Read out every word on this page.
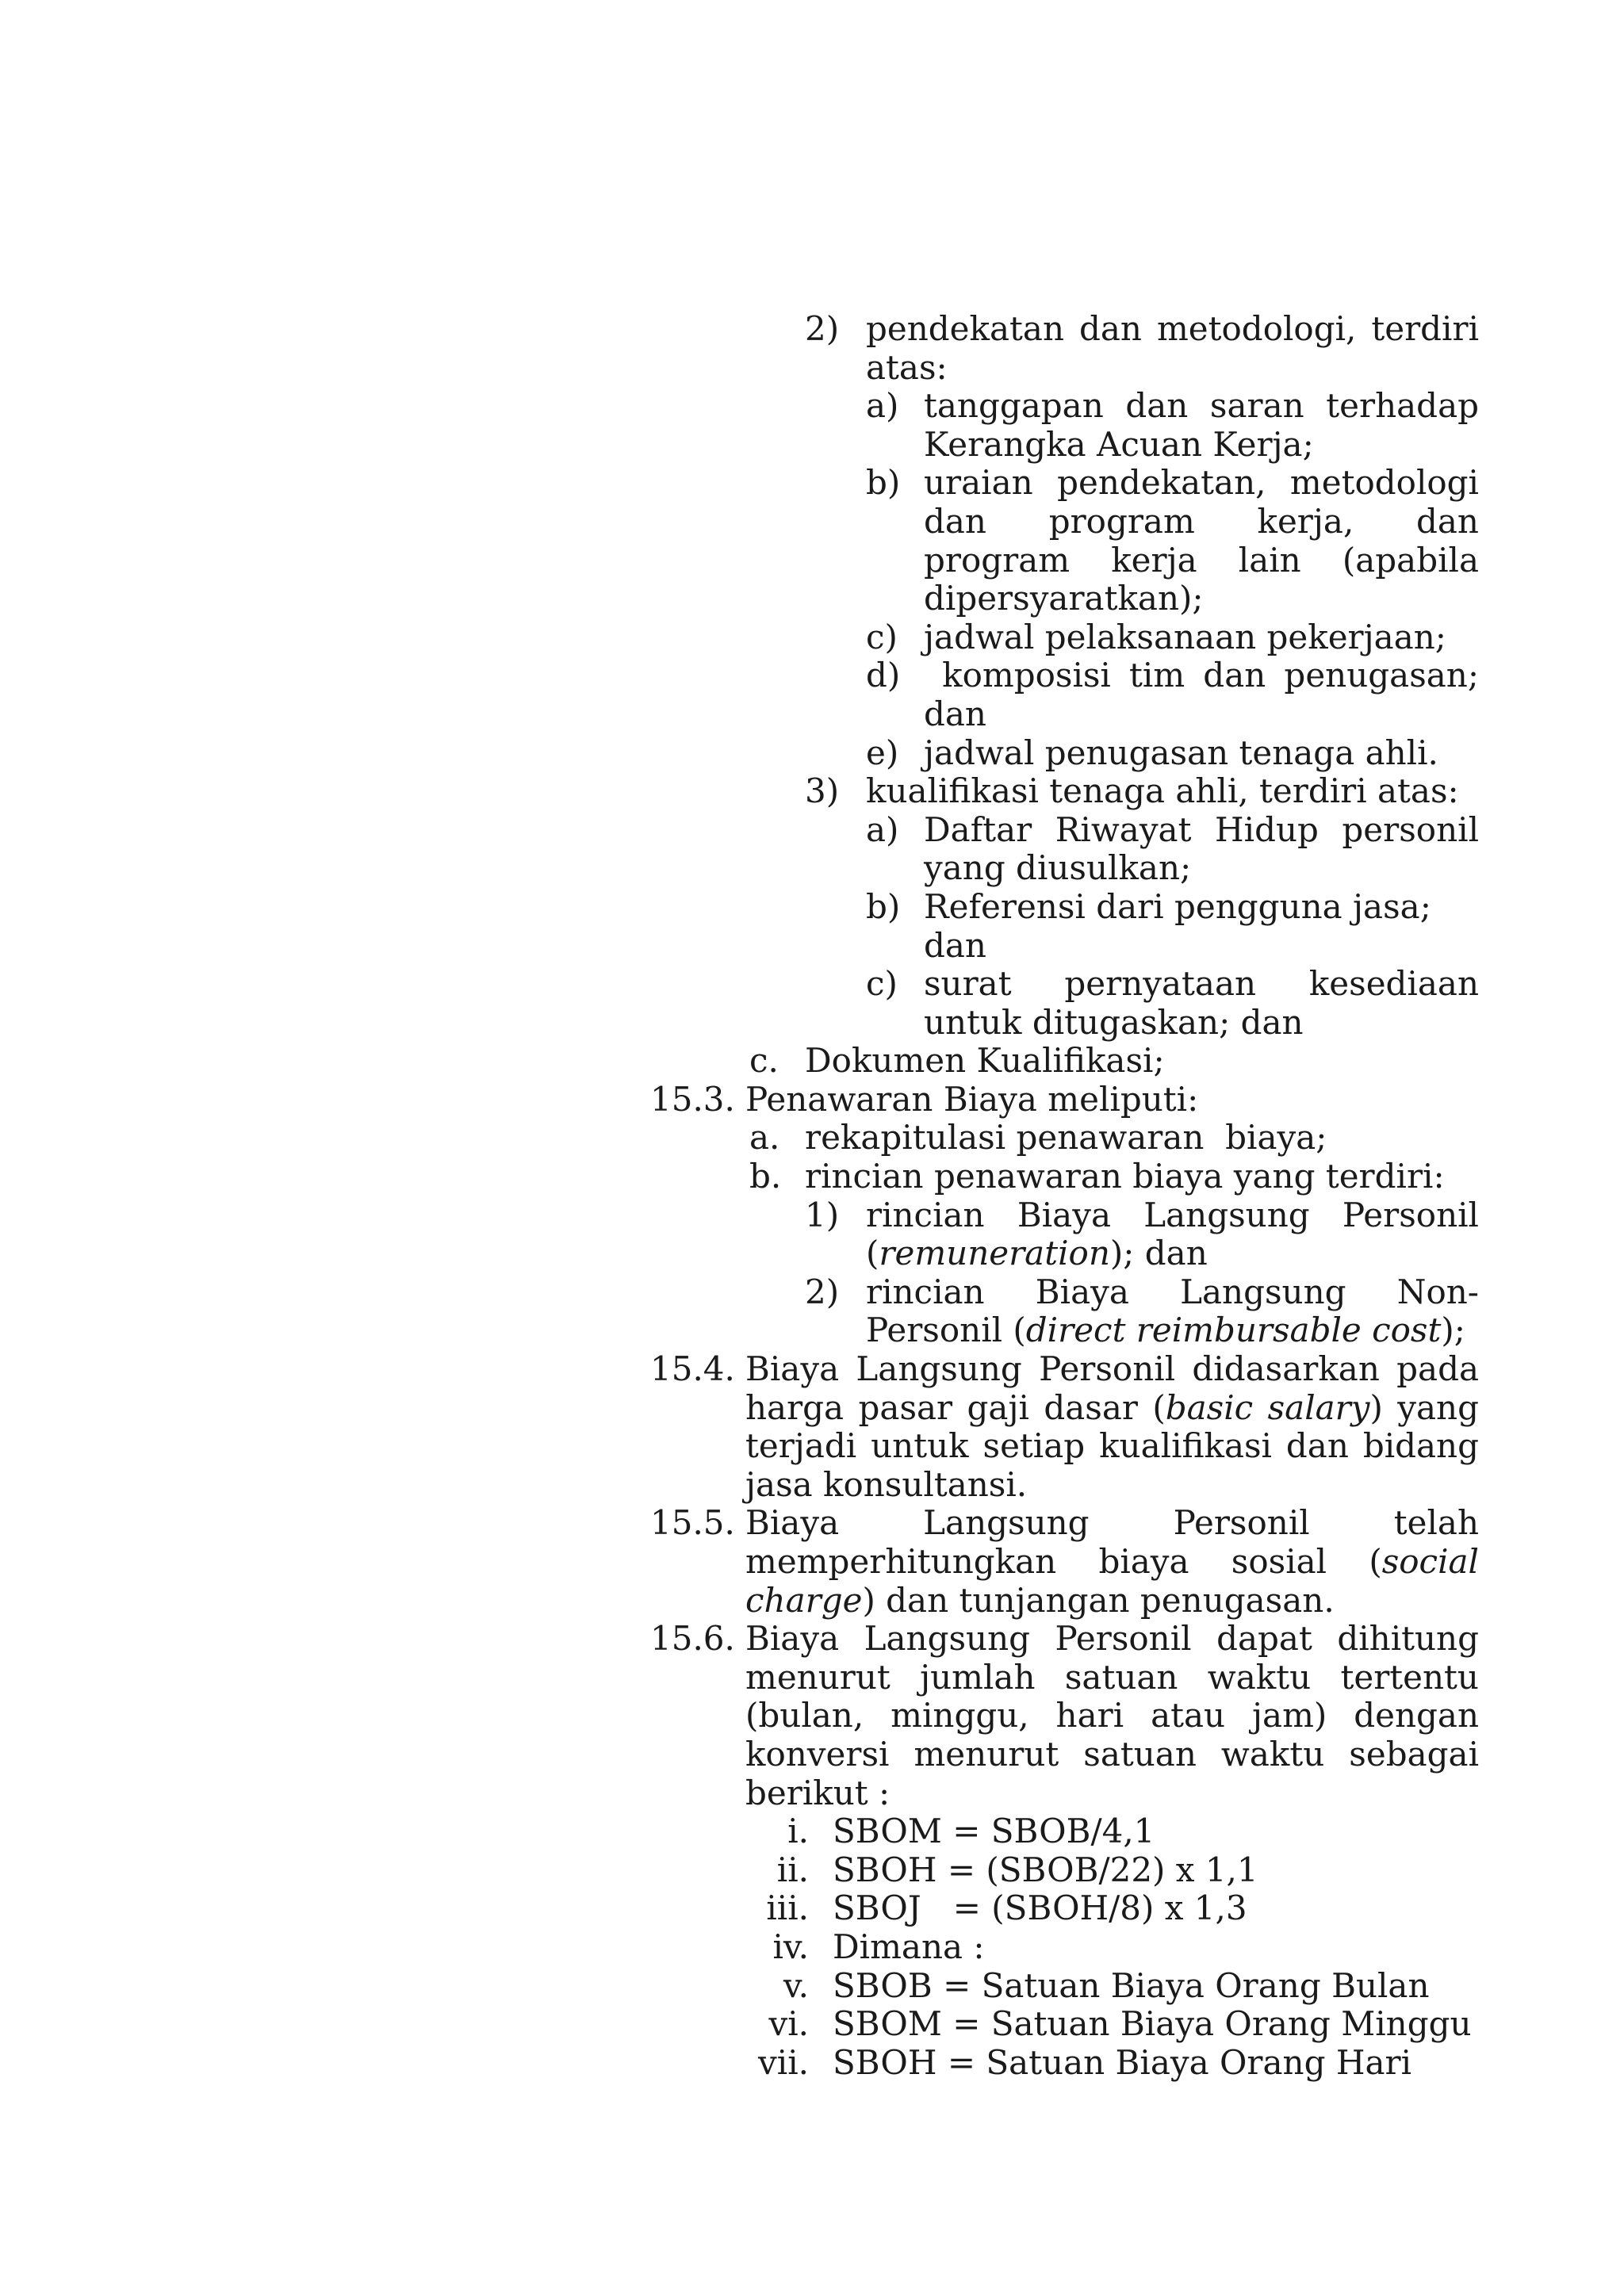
2) pendekatan dan metodologi, terdiri atas:
a) tanggapan dan saran terhadap Kerangka Acuan Kerja;
b) uraian pendekatan, metodologi dan program kerja, dan program kerja lain (apabila dipersyaratkan);
c) jadwal pelaksanaan pekerjaan;
d) komposisi tim dan penugasan; dan
e) jadwal penugasan tenaga ahli.
3) kualifikasi tenaga ahli, terdiri atas:
a) Daftar Riwayat Hidup personil yang diusulkan;
b) Referensi dari pengguna jasa; dan
c) surat pernyataan kesediaan untuk ditugaskan; dan
c. Dokumen Kualifikasi;
15.3. Penawaran Biaya meliputi:
a. rekapitulasi penawaran  biaya;
b. rincian penawaran biaya yang terdiri:
1) rincian Biaya Langsung Personil (remuneration); dan
2) rincian Biaya Langsung Non-Personil (direct reimbursable cost);
15.4. Biaya Langsung Personil didasarkan pada harga pasar gaji dasar (basic salary) yang terjadi untuk setiap kualifikasi dan bidang jasa konsultansi.
15.5. Biaya Langsung Personil telah memperhitungkan biaya sosial (social charge) dan tunjangan penugasan.
15.6. Biaya Langsung Personil dapat dihitung menurut jumlah satuan waktu tertentu (bulan, minggu, hari atau jam) dengan konversi menurut satuan waktu sebagai berikut :
i. SBOM = SBOB/4,1
ii. SBOH = (SBOB/22) x 1,1
iii. SBOJ   = (SBOH/8) x 1,3
iv. Dimana :
v. SBOB = Satuan Biaya Orang Bulan
vi. SBOM = Satuan Biaya Orang Minggu
vii. SBOH = Satuan Biaya Orang Hari
